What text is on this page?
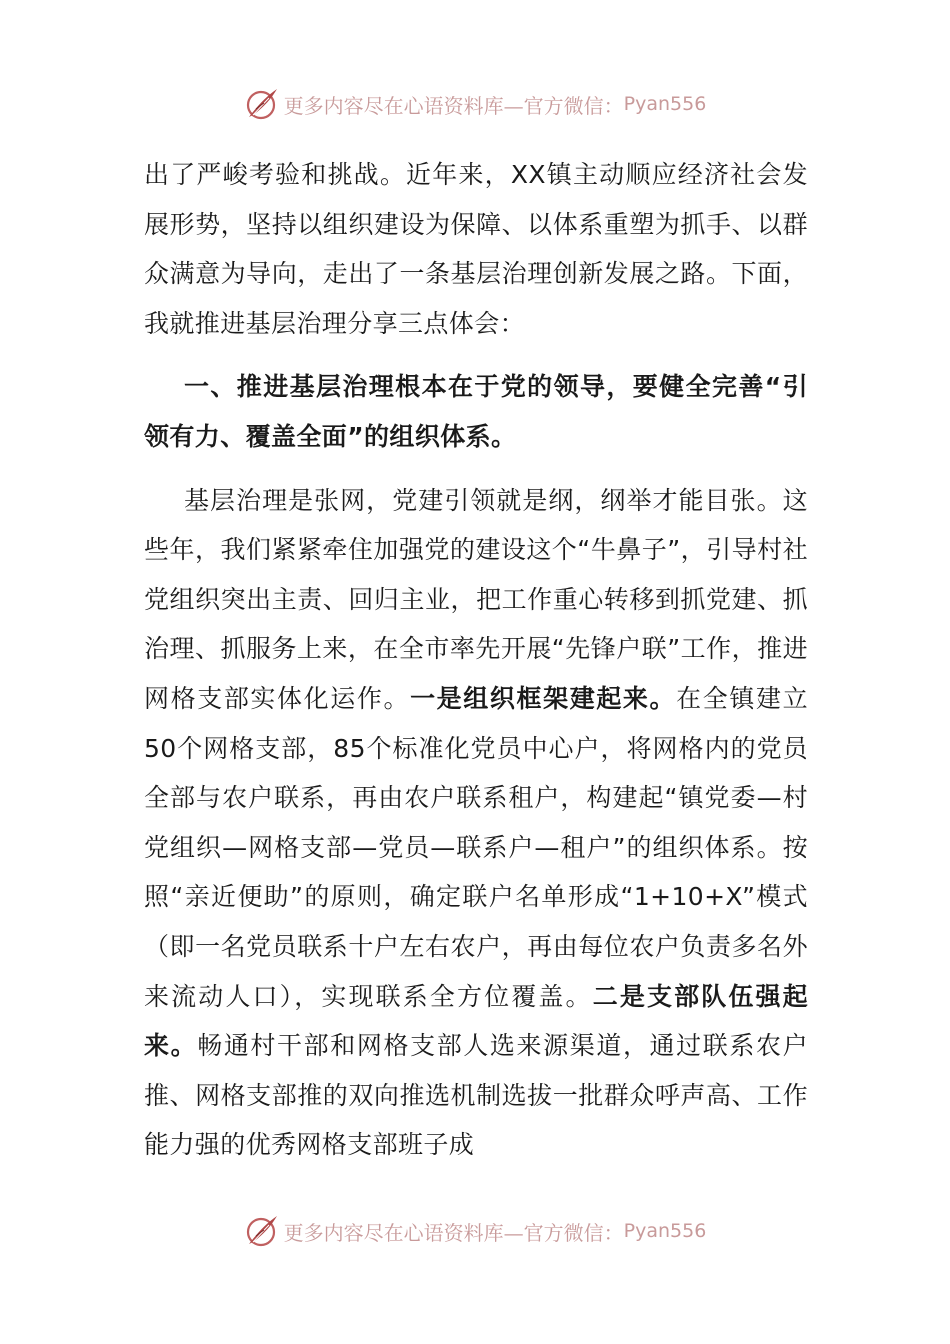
更多内容尽在心语资料库—官方微信： Pyan556

出了严峻考验和挑战。近年来，XX镇主动顺应经济社会发展形势，坚持以组织建设为保障、以体系重塑为抓手、以群众满意为导向，走出了一条基层治理创新发展之路。下面，我就推进基层治理分享三点体会：

一、推进基层治理根本在于党的领导，要健全完善“引领有力、覆盖全面”的组织体系。

基层治理是张网，党建引领就是纲，纲举才能目张。这些年，我们紧紧牵住加强党的建设这个“牛鼻子”，引导村社党组织突出主责、回归主业，把工作重心转移到抓党建、抓治理、抓服务上来，在全市率先开展“先锋户联”工作，推进网格支部实体化运作。一是组织框架建起来。在全镇建立50个网格支部，85个标准化党员中心户，将网格内的党员全部与农户联系，再由农户联系租户，构建起“镇党委—村党组织—网格支部—党员—联系户—租户”的组织体系。按照“亲近便助”的原则，确定联户名单形成“1+10+X”模式（即一名党员联系十户左右农户，再由每位农户负责多名外来流动人口），实现联系全方位覆盖。二是支部队伍强起来。畅通村干部和网格支部人选来源渠道，通过联系农户推、网格支部推的双向推选机制选拔一批群众呼声高、工作能力强的优秀网格支部班子成

更多内容尽在心语资料库—官方微信： Pyan556
